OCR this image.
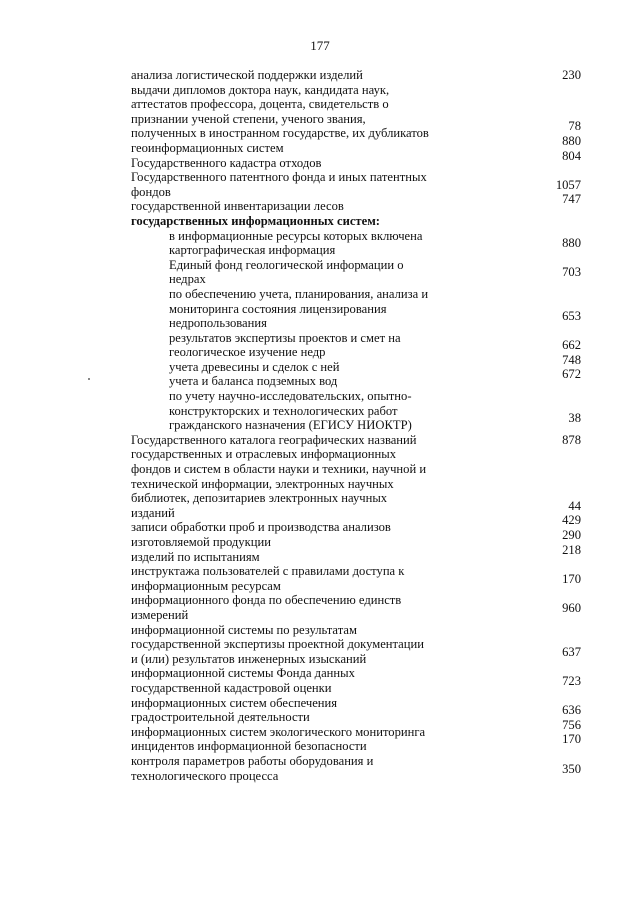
177
анализа логистической поддержки изделий	230
выдачи дипломов доктора наук, кандидата наук, аттестатов профессора, доцента, свидетельств о признании ученой степени, ученого звания, полученных в иностранном государстве, их дубликатов	78
геоинформационных систем	880
Государственного кадастра отходов	804
Государственного патентного фонда и иных патентных фондов	1057
государственной инвентаризации лесов	747
государственных информационных систем:
в информационные ресурсы которых включена картографическая информация	880
Единый фонд геологической информации о недрах	703
по обеспечению учета, планирования, анализа и мониторинга состояния лицензирования недропользования	653
результатов экспертизы проектов и смет на геологическое изучение недр	662
учета древесины и сделок с ней	748
учета и баланса подземных вод	672
по учету научно-исследовательских, опытно-конструкторских и технологических работ гражданского назначения (ЕГИСУ НИОКТР)	38
Государственного каталога географических названий	878
государственных и отраслевых информационных фондов и систем в области науки и техники, научной и технической информации, электронных научных библиотек, депозитариев электронных научных изданий	44
записи обработки проб и производства анализов	429
изготовляемой продукции	290
изделий по испытаниям	218
инструктажа пользователей с правилами доступа к информационным ресурсам	170
информационного фонда по обеспечению единств измерений	960
информационной системы по результатам государственной экспертизы проектной документации и (или) результатов инженерных изысканий	637
информационной системы Фонда данных государственной кадастровой оценки	723
информационных систем обеспечения градостроительной деятельности	636
информационных систем экологического мониторинга	756
инцидентов информационной безопасности	170
контроля параметров работы оборудования и технологического процесса	350
